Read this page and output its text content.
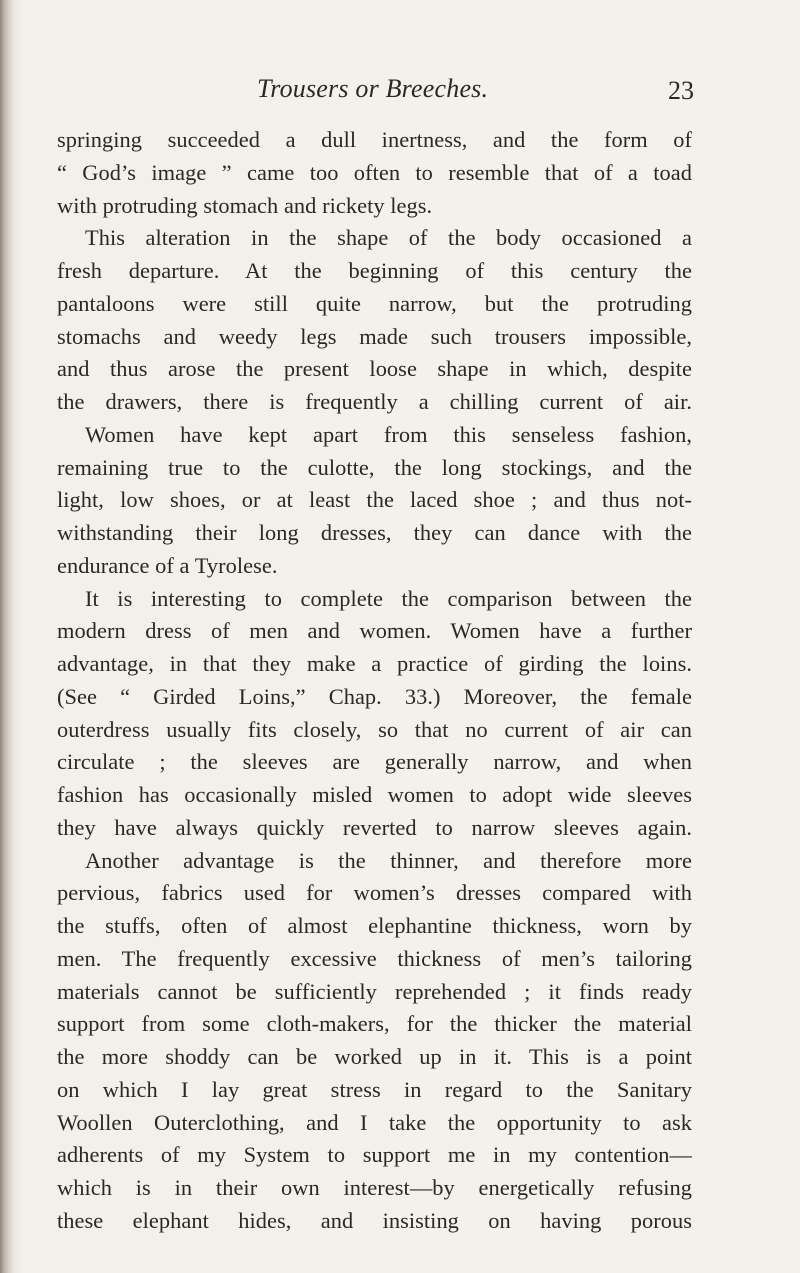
Trousers or Breeches.	23
springing succeeded a dull inertness, and the form of
“ God’s image ” came too often to resemble that of a toad
with protruding stomach and rickety legs.
This alteration in the shape of the body occasioned a
fresh departure. At the beginning of this century the
pantaloons were still quite narrow, but the protruding
stomachs and weedy legs made such trousers impossible,
and thus arose the present loose shape in which, despite
the drawers, there is frequently a chilling current of air.
Women have kept apart from this senseless fashion,
remaining true to the culotte, the long stockings, and the
light, low shoes, or at least the laced shoe ; and thus not-
withstanding their long dresses, they can dance with the
endurance of a Tyrolese.
It is interesting to complete the comparison between the
modern dress of men and women. Women have a further
advantage, in that they make a practice of girding the loins.
(See “ Girded Loins,” Chap. 33.) Moreover, the female
outerdress usually fits closely, so that no current of air can
circulate ; the sleeves are generally narrow, and when
fashion has occasionally misled women to adopt wide sleeves
they have always quickly reverted to narrow sleeves again.
Another advantage is the thinner, and therefore more
pervious, fabrics used for women’s dresses compared with
the stuffs, often of almost elephantine thickness, worn by
men. The frequently excessive thickness of men’s tailoring
materials cannot be sufficiently reprehended ; it finds ready
support from some cloth-makers, for the thicker the material
the more shoddy can be worked up in it. This is a point
on which I lay great stress in regard to the Sanitary
Woollen Outerclothing, and I take the opportunity to ask
adherents of my System to support me in my contention—
which is in their own interest—by energetically refusing
these elephant hides, and insisting on having porous
